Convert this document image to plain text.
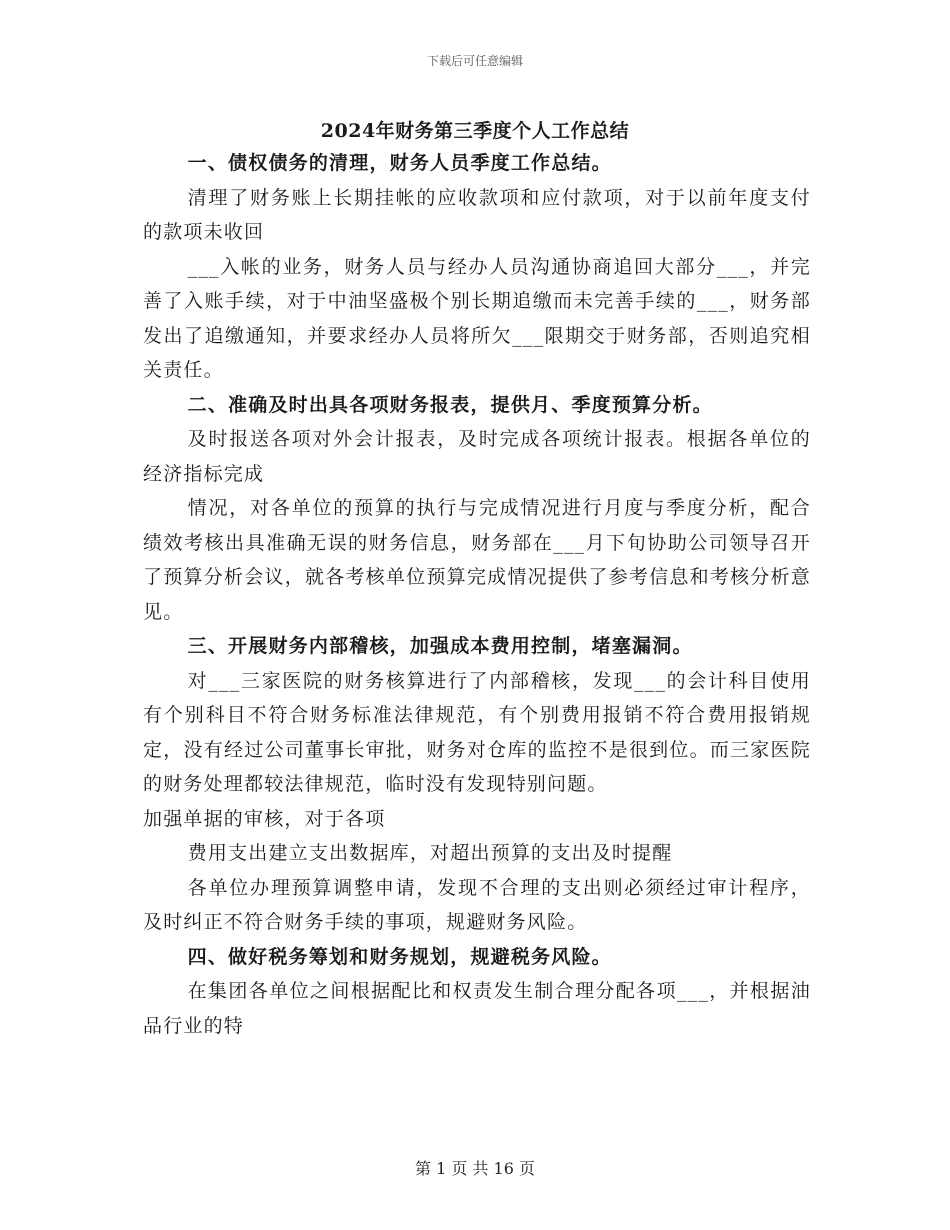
下载后可任意编辑
2024年财务第三季度个人工作总结

一、债权债务的清理，财务人员季度工作总结。

清理了财务账上长期挂帐的应收款项和应付款项，对于以前年度支付的款项未收回

___入帐的业务，财务人员与经办人员沟通协商追回大部分___，并完善了入账手续，对于中油坚盛极个别长期追缴而未完善手续的___，财务部发出了追缴通知，并要求经办人员将所欠___限期交于财务部，否则追究相关责任。

二、准确及时出具各项财务报表，提供月、季度预算分析。

及时报送各项对外会计报表，及时完成各项统计报表。根据各单位的经济指标完成

情况，对各单位的预算的执行与完成情况进行月度与季度分析，配合绩效考核出具准确无误的财务信息，财务部在___月下旬协助公司领导召开了预算分析会议，就各考核单位预算完成情况提供了参考信息和考核分析意见。

三、开展财务内部稽核，加强成本费用控制，堵塞漏洞。

对___三家医院的财务核算进行了内部稽核，发现___的会计科目使用有个别科目不符合财务标准法律规范，有个别费用报销不符合费用报销规定，没有经过公司董事长审批，财务对仓库的监控不是很到位。而三家医院的财务处理都较法律规范，临时没有发现特别问题。

加强单据的审核，对于各项

费用支出建立支出数据库，对超出预算的支出及时提醒

各单位办理预算调整申请，发现不合理的支出则必须经过审计程序，及时纠正不符合财务手续的事项，规避财务风险。

四、做好税务筹划和财务规划，规避税务风险。

在集团各单位之间根据配比和权责发生制合理分配各项___，并根据油品行业的特

第 1 页 共 16 页
